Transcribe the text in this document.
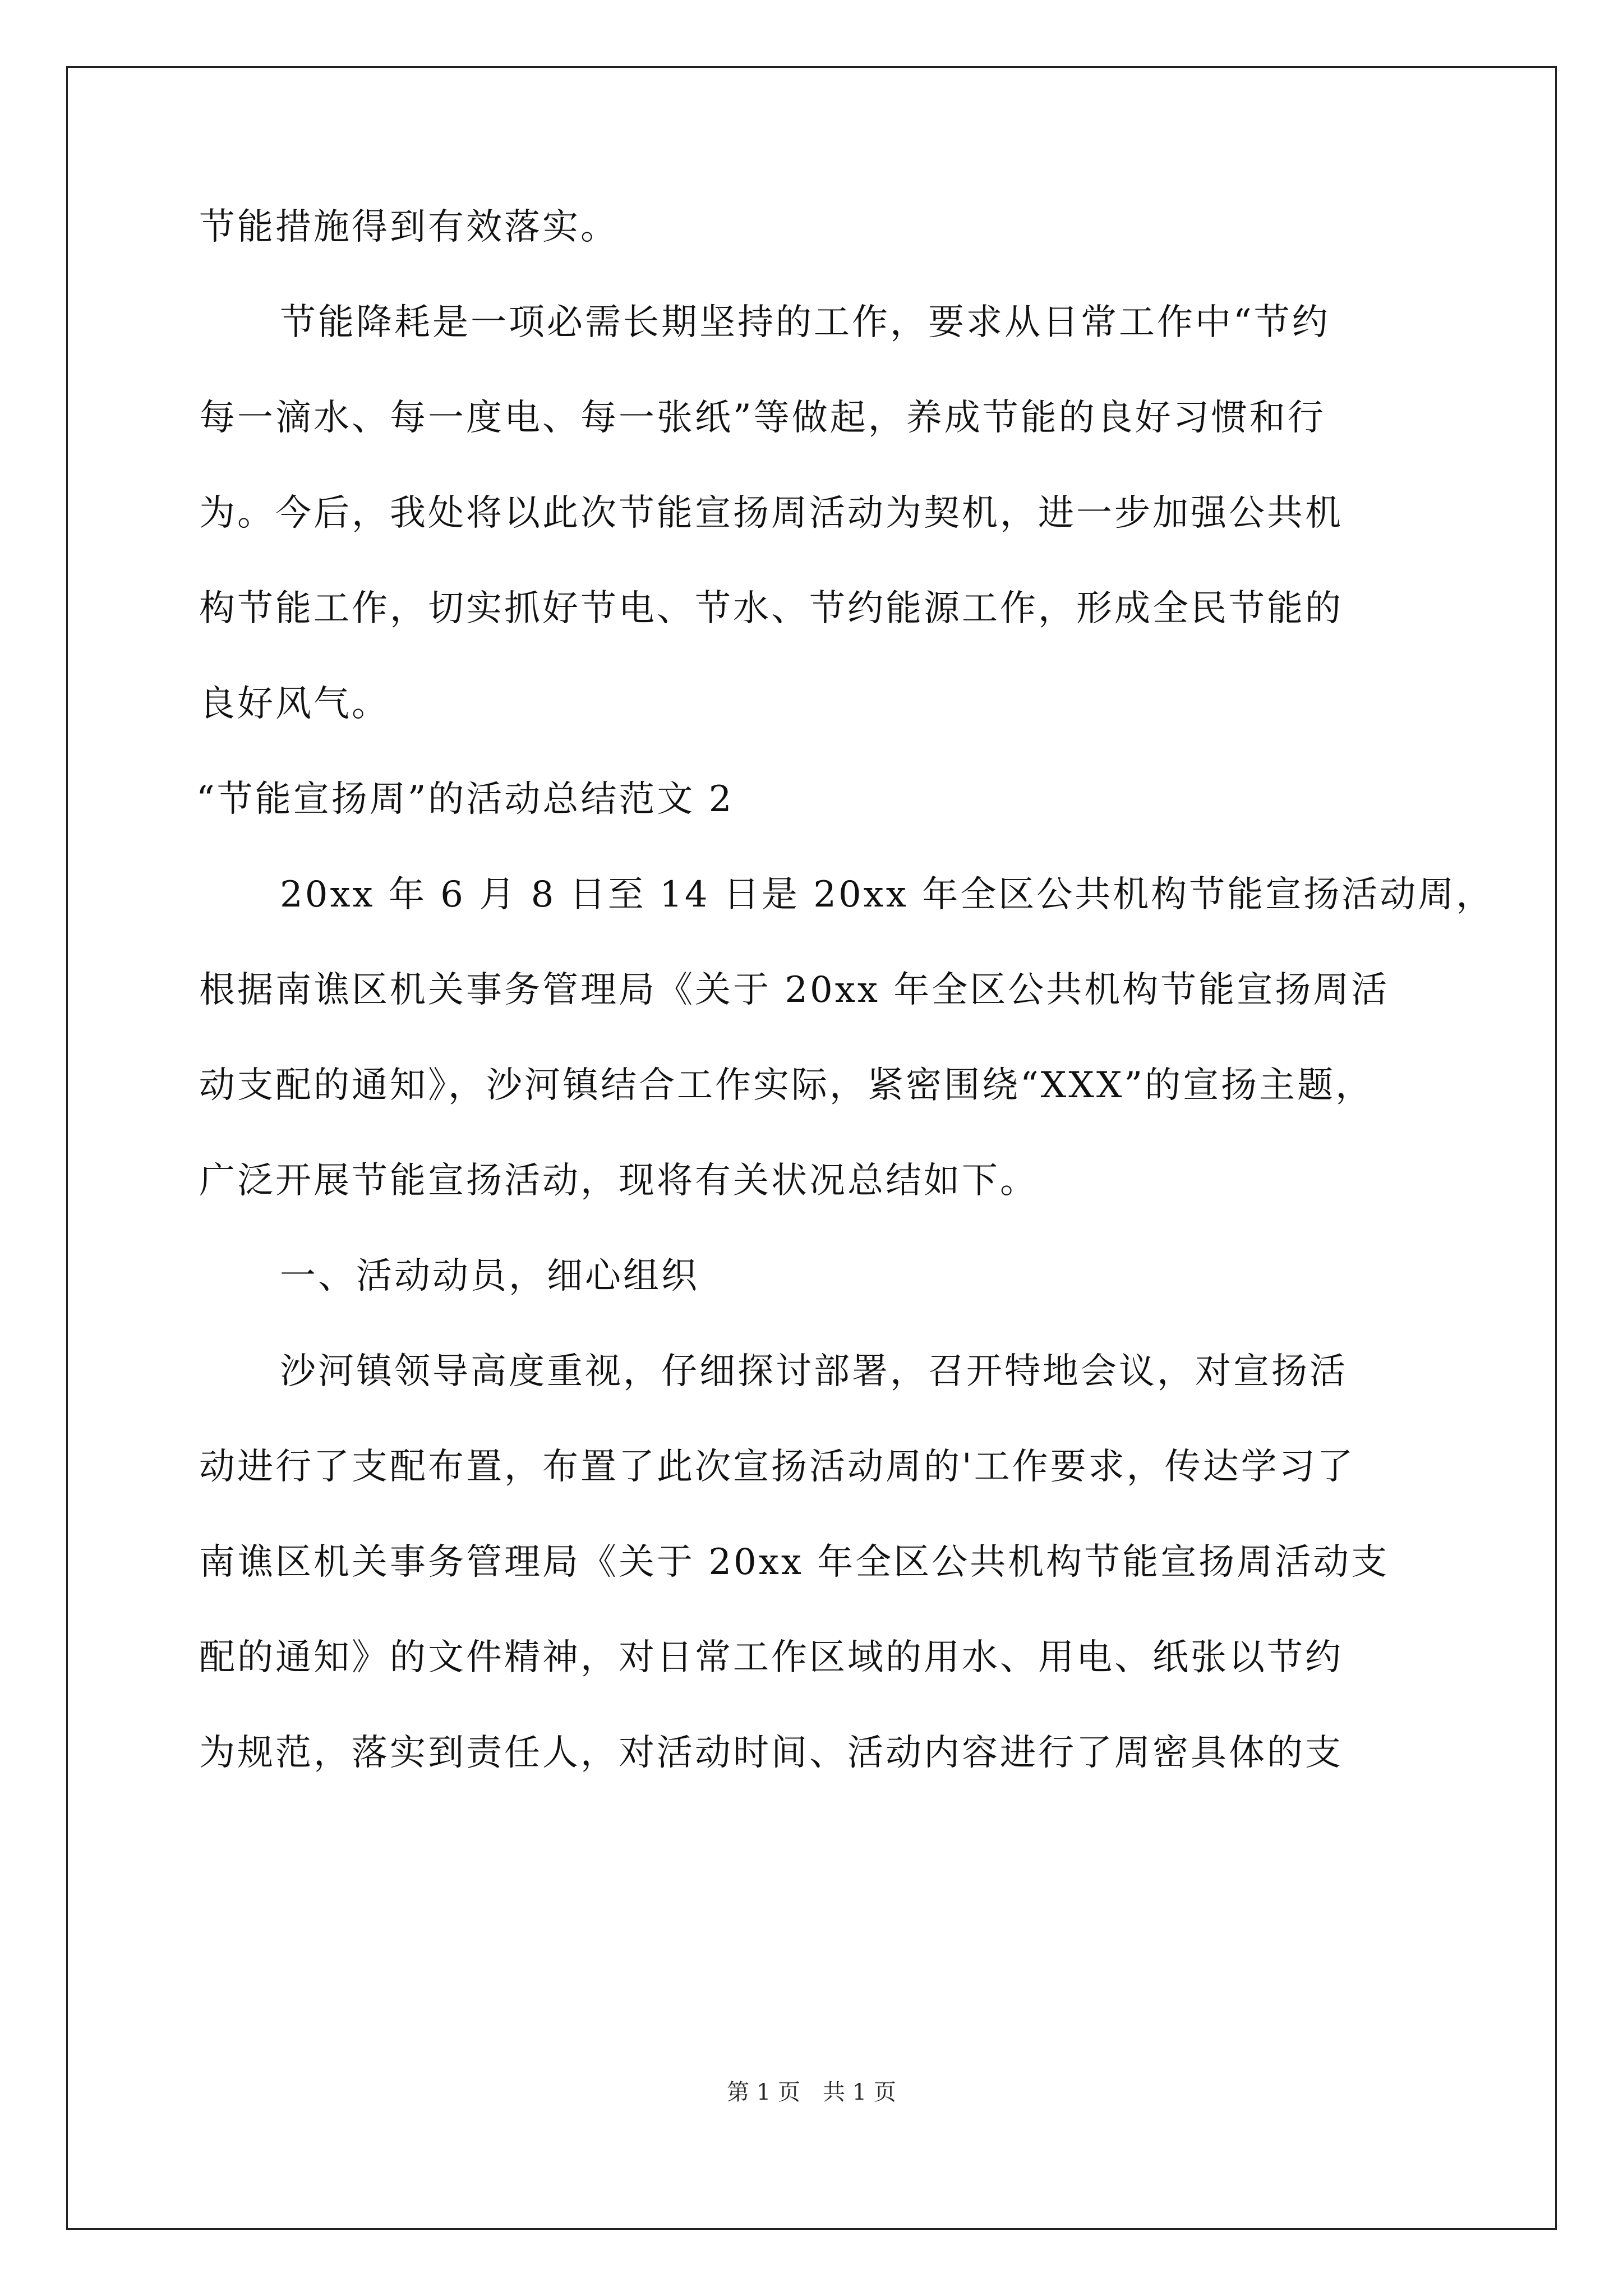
节能措施得到有效落实。
节能降耗是一项必需长期坚持的工作，要求从日常工作中“节约
每一滴水、每一度电、每一张纸”等做起，养成节能的良好习惯和行
为。今后，我处将以此次节能宣扬周活动为契机，进一步加强公共机
构节能工作，切实抓好节电、节水、节约能源工作，形成全民节能的
良好风气。
“节能宣扬周”的活动总结范文 2
20xx 年 6 月 8 日至 14 日是 20xx 年全区公共机构节能宣扬活动周，
根据南谯区机关事务管理局《关于 20xx 年全区公共机构节能宣扬周活
动支配的通知》，沙河镇结合工作实际，紧密围绕“XXX”的宣扬主题，
广泛开展节能宣扬活动，现将有关状况总结如下。
一、活动动员，细心组织
沙河镇领导高度重视，仔细探讨部署，召开特地会议，对宣扬活
动进行了支配布置，布置了此次宣扬活动周的'工作要求，传达学习了
南谯区机关事务管理局《关于 20xx 年全区公共机构节能宣扬周活动支
配的通知》的文件精神，对日常工作区域的用水、用电、纸张以节约
为规范，落实到责任人，对活动时间、活动内容进行了周密具体的支
第 1 页　共 1 页
